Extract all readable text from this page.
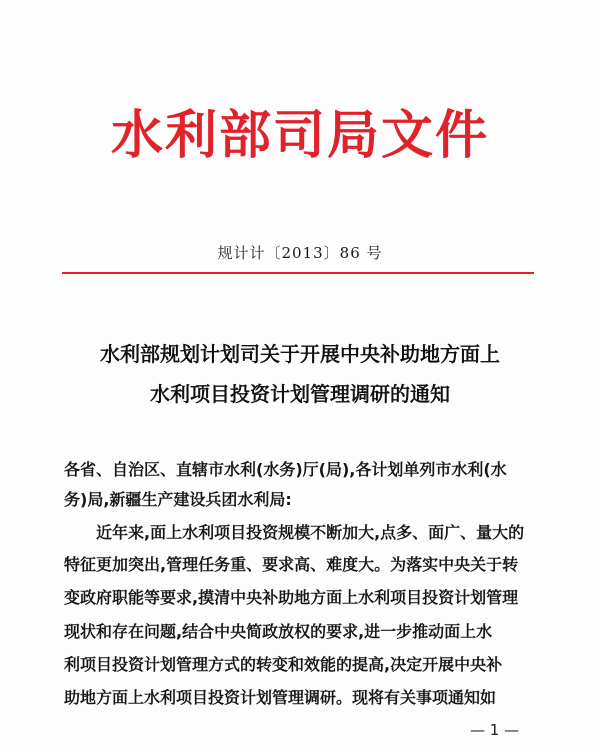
水利部司局文件
规计计〔2013〕86 号
水利部规划计划司关于开展中央补助地方面上
水利项目投资计划管理调研的通知
各省、自治区、直辖市水利(水务)厅(局),各计划单列市水利(水
务)局,新疆生产建设兵团水利局:
近年来,面上水利项目投资规模不断加大,点多、面广、量大的
特征更加突出,管理任务重、要求高、难度大。为落实中央关于转
变政府职能等要求,摸清中央补助地方面上水利项目投资计划管理
现状和存在问题,结合中央简政放权的要求,进一步推动面上水
利项目投资计划管理方式的转变和效能的提高,决定开展中央补
助地方面上水利项目投资计划管理调研。现将有关事项通知如
— 1 —
